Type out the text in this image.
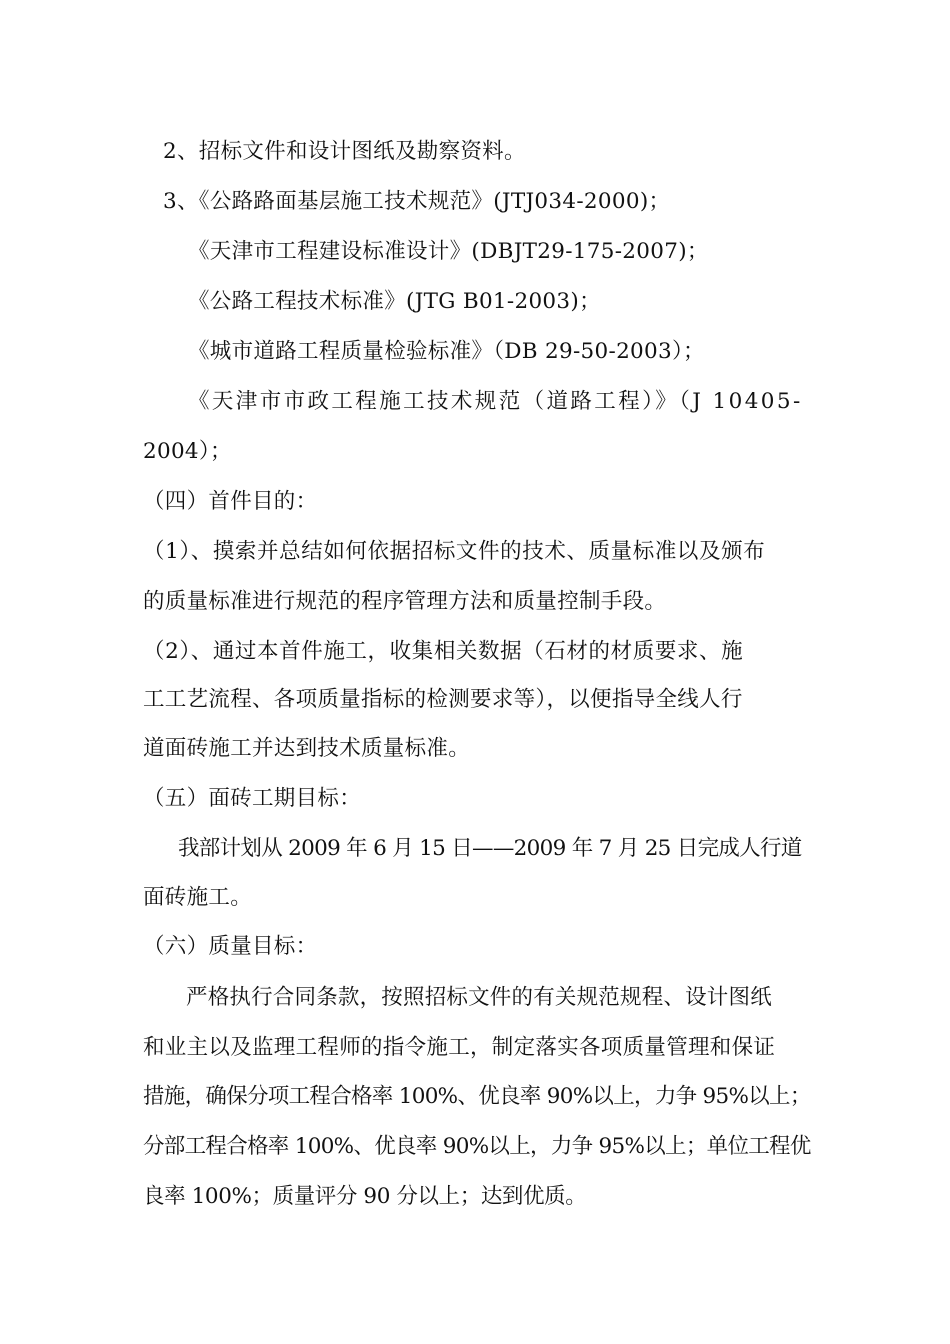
2、招标文件和设计图纸及勘察资料。
3、《公路路面基层施工技术规范》(JTJ034-2000)；
《天津市工程建设标准设计》(DBJT29-175-2007)；
《公路工程技术标准》(JTG B01-2003)；
《城市道路工程质量检验标准》（DB 29-50-2003）；
《天津市市政工程施工技术规范（道路工程）》（J 10405-
2004）；
（四）首件目的：
（1）、摸索并总结如何依据招标文件的技术、质量标准以及颁布
的质量标准进行规范的程序管理方法和质量控制手段。
（2）、通过本首件施工，收集相关数据（石材的材质要求、施
工工艺流程、各项质量指标的检测要求等），以便指导全线人行
道面砖施工并达到技术质量标准。
（五）面砖工期目标：
我部计划从 2009 年 6 月 15 日——2009 年 7 月 25 日完成人行道
面砖施工。
（六）质量目标：
严格执行合同条款，按照招标文件的有关规范规程、设计图纸
和业主以及监理工程师的指令施工，制定落实各项质量管理和保证
措施，确保分项工程合格率 100%、优良率 90%以上，力争 95%以上；
分部工程合格率 100%、优良率 90%以上，力争 95%以上；单位工程优
良率 100%；质量评分 90 分以上；达到优质。
